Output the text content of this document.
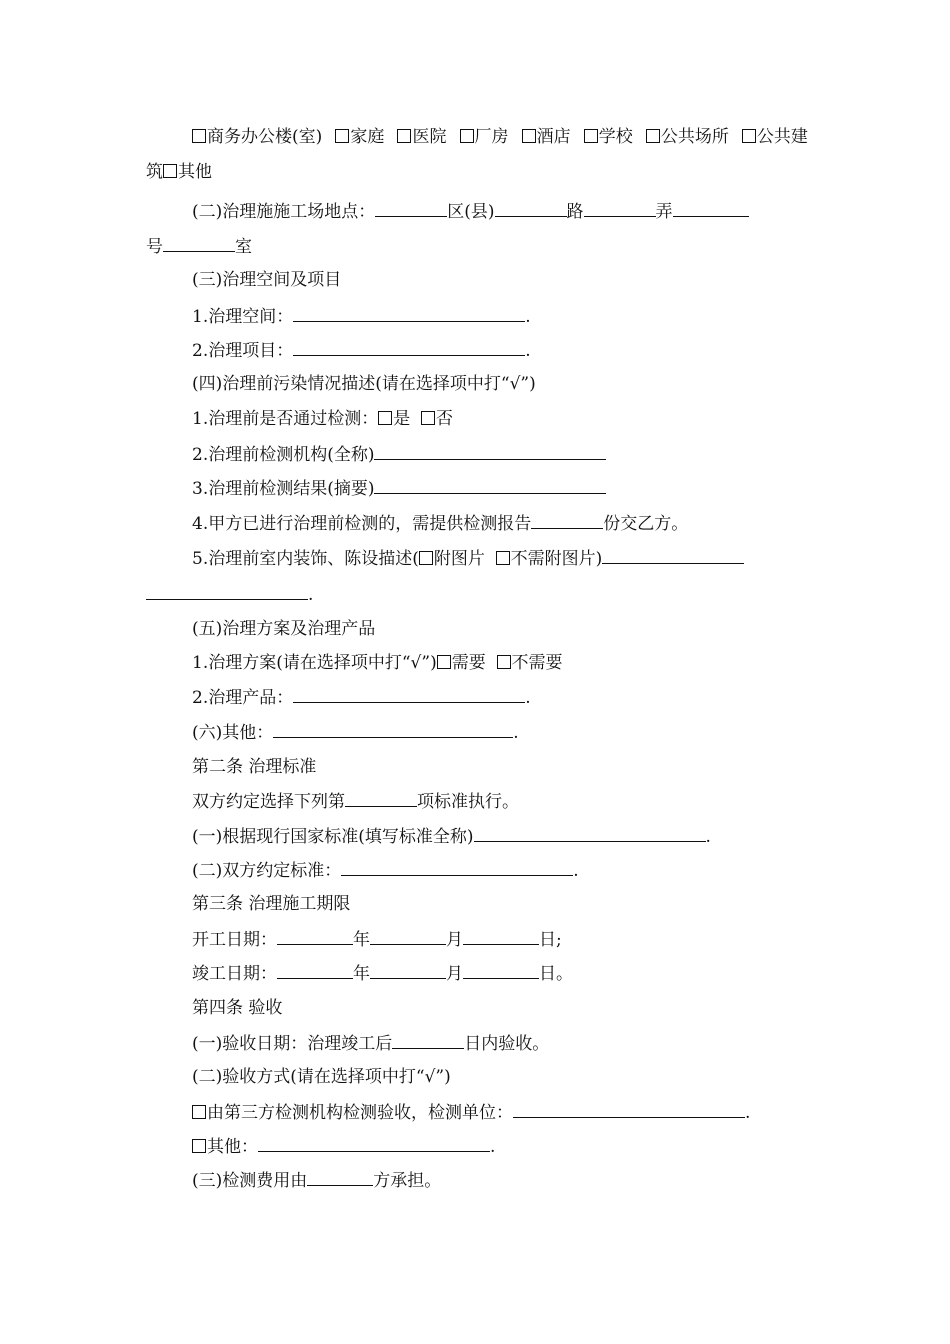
商务办公楼(室)	家庭	医院	厂房	酒店	学校	公共场所	公共建
筑 其他
(二)治理施施工场地点：	区(县)	路	弄
号	室
(三)治理空间及项目
1.治理空间：	.
2.治理项目：	.
(四)治理前污染情况描述(请在选择项中打“√”)
1.治理前是否通过检测： 是 否
2.治理前检测机构(全称)
3.治理前检测结果(摘要)
4.甲方已进行治理前检测的，需提供检测报告	份交乙方。
5.治理前室内装饰、陈设描述( 附图片 不需附图片)
.
(五)治理方案及治理产品
1.治理方案(请在选择项中打“√”) 需要 不需要
2.治理产品：	.
(六)其他：	.
第二条 治理标准
双方约定选择下列第	项标准执行。
(一)根据现行国家标准(填写标准全称)	.
(二)双方约定标准：	.
第三条 治理施工期限
开工日期：	年	月	日;
竣工日期：	年	月	日。
第四条 验收
(一)验收日期：治理竣工后	日内验收。
(二)验收方式(请在选择项中打“√”)
由第三方检测机构检测验收，检测单位：	.
其他：	.
(三)检测费用由	方承担。
